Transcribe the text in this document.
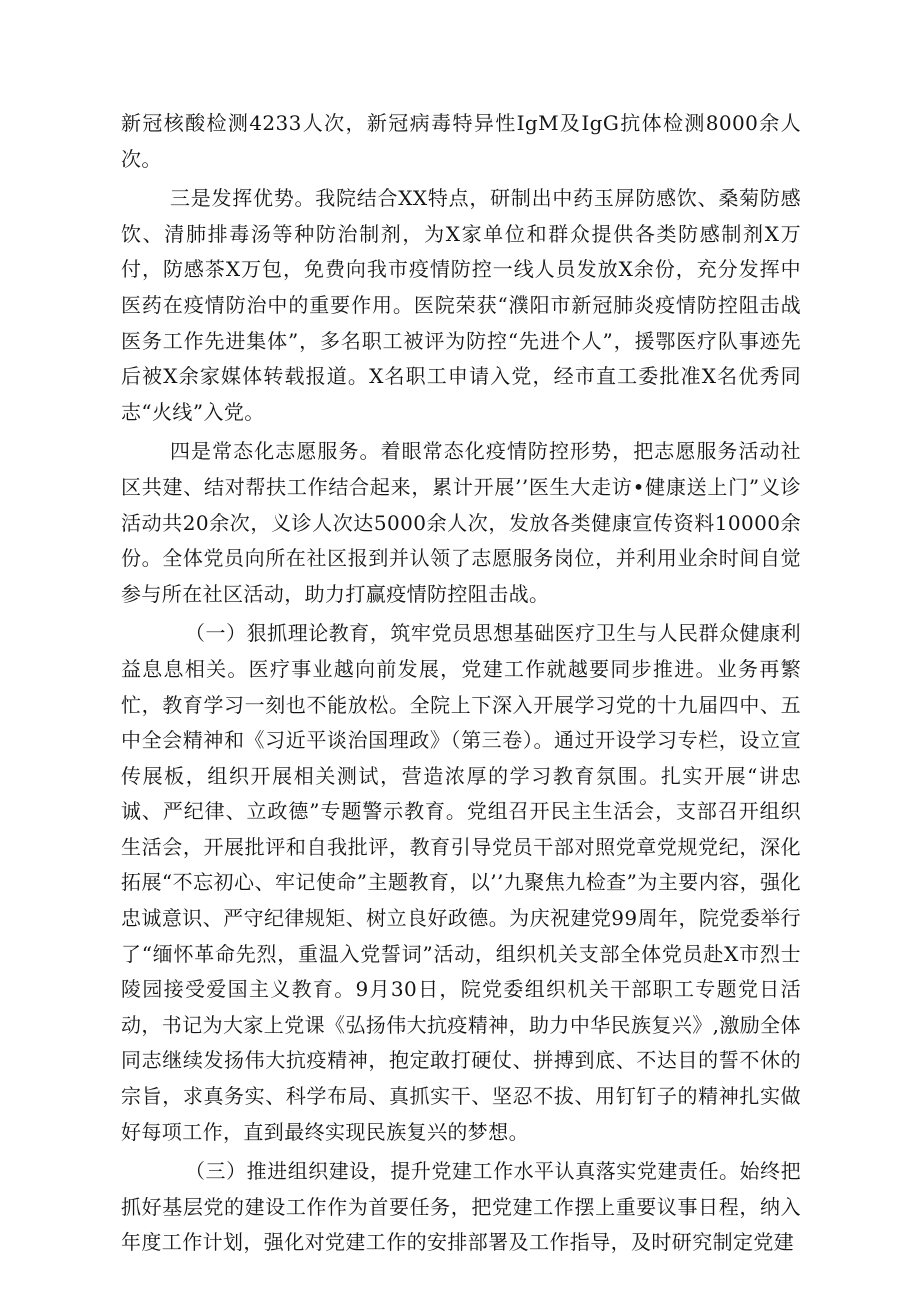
新冠核酸检测4233人次，新冠病毒特异性IgM及IgG抗体检测8000余人次。

三是发挥优势。我院结合XX特点，研制出中药玉屏防感饮、桑菊防感饮、清肺排毒汤等种防治制剂，为X家单位和群众提供各类防感制剂X万付，防感茶X万包，免费向我市疫情防控一线人员发放X余份，充分发挥中医药在疫情防治中的重要作用。医院荣获“濮阳市新冠肺炎疫情防控阻击战医务工作先进集体”，多名职工被评为防控“先进个人”，援鄂医疗队事迹先后被X余家媒体转载报道。X名职工申请入党，经市直工委批准X名优秀同志“火线”入党。

四是常态化志愿服务。着眼常态化疫情防控形势，把志愿服务活动社区共建、结对帮扶工作结合起来，累计开展’’医生大走访•健康送上门”义诊活动共20余次，义诊人次达5000余人次，发放各类健康宣传资料10000余份。全体党员向所在社区报到并认领了志愿服务岗位，并利用业余时间自觉参与所在社区活动，助力打赢疫情防控阻击战。

（一）狠抓理论教育，筑牢党员思想基础医疗卫生与人民群众健康利益息息相关。医疗事业越向前发展，党建工作就越要同步推进。业务再繁忙，教育学习一刻也不能放松。全院上下深入开展学习党的十九届四中、五中全会精神和《习近平谈治国理政》（第三卷）。通过开设学习专栏，设立宣传展板，组织开展相关测试，营造浓厚的学习教育氛围。扎实开展“讲忠诚、严纪律、立政德”专题警示教育。党组召开民主生活会，支部召开组织生活会，开展批评和自我批评，教育引导党员干部对照党章党规党纪，深化拓展“不忘初心、牢记使命”主题教育，以’’九聚焦九检查”为主要内容，强化忠诚意识、严守纪律规矩、树立良好政德。为庆祝建党99周年，院党委举行了“缅怀革命先烈，重温入党誓词”活动，组织机关支部全体党员赴X市烈士陵园接受爱国主义教育。9月30日，院党委组织机关干部职工专题党日活动，书记为大家上党课《弘扬伟大抗疫精神，助力中华民族复兴》,激励全体同志继续发扬伟大抗疫精神，抱定敢打硬仗、拼搏到底、不达目的誓不休的宗旨，求真务实、科学布局、真抓实干、坚忍不拔、用钉钉子的精神扎实做好每项工作，直到最终实现民族复兴的梦想。

（三）推进组织建设，提升党建工作水平认真落实党建责任。始终把抓好基层党的建设工作作为首要任务，把党建工作摆上重要议事日程，纳入年度工作计划，强化对党建工作的安排部署及工作指导，及时研究制定党建
